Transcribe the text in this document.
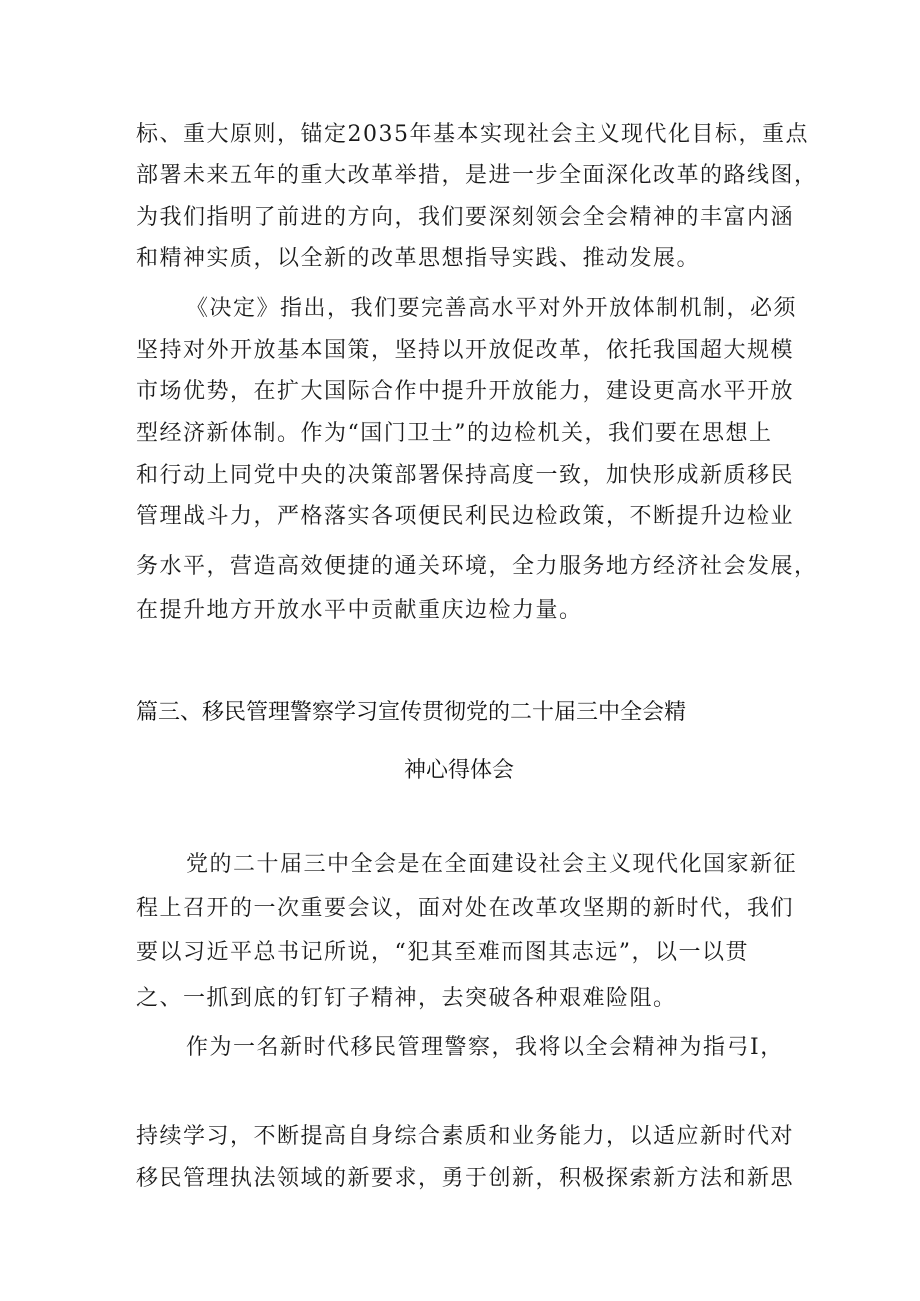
标、重大原则，锚定2035年基本实现社会主义现代化目标，重点
部署未来五年的重大改革举措，是进一步全面深化改革的路线图，
为我们指明了前进的方向，我们要深刻领会全会精神的丰富内涵
和精神实质，以全新的改革思想指导实践、推动发展。
《决定》指出，我们要完善高水平对外开放体制机制，必须
坚持对外开放基本国策，坚持以开放促改革，依托我国超大规模
市场优势，在扩大国际合作中提升开放能力，建设更高水平开放
型经济新体制。作为“国门卫士”的边检机关，我们要在思想上
和行动上同党中央的决策部署保持高度一致，加快形成新质移民
管理战斗力，严格落实各项便民利民边检政策，不断提升边检业
务水平，营造高效便捷的通关环境，全力服务地方经济社会发展，
在提升地方开放水平中贡献重庆边检力量。
篇三、移民管理警察学习宣传贯彻党的二十届三中全会精
神心得体会
党的二十届三中全会是在全面建设社会主义现代化国家新征
程上召开的一次重要会议，面对处在改革攻坚期的新时代，我们
要以习近平总书记所说，“犯其至难而图其志远”，以一以贯
之、一抓到底的钉钉子精神，去突破各种艰难险阻。
作为一名新时代移民管理警察，我将以全会精神为指弓I，
持续学习，不断提高自身综合素质和业务能力，以适应新时代对
移民管理执法领域的新要求，勇于创新，积极探索新方法和新思
